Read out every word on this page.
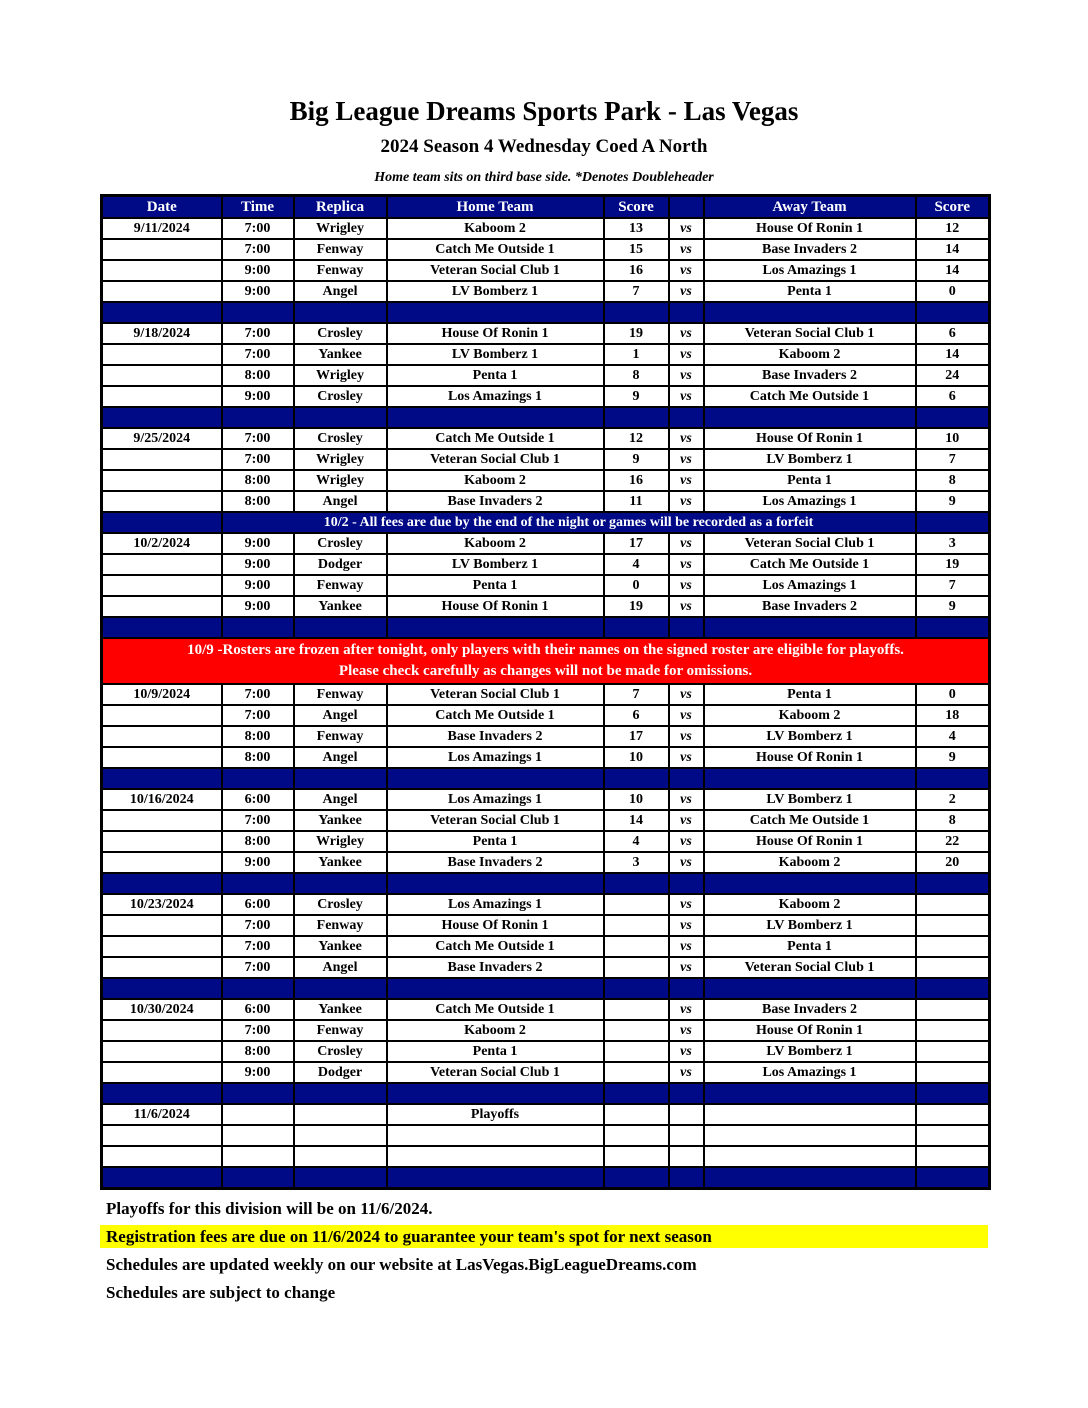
Big League Dreams Sports Park - Las Vegas
2024 Season 4 Wednesday Coed A North
Home team sits on third base side. *Denotes Doubleheader
Date	Time	Replica	Home Team	Score		Away Team	Score
9/11/2024	7:00	Wrigley	Kaboom 2	13	vs	House Of Ronin 1	12
	7:00	Fenway	Catch Me Outside 1	15	vs	Base Invaders 2	14
	9:00	Fenway	Veteran Social Club 1	16	vs	Los Amazings 1	14
	9:00	Angel	LV Bomberz 1	7	vs	Penta 1	0

9/18/2024	7:00	Crosley	House Of Ronin 1	19	vs	Veteran Social Club 1	6
	7:00	Yankee	LV Bomberz 1	1	vs	Kaboom 2	14
	8:00	Wrigley	Penta 1	8	vs	Base Invaders 2	24
	9:00	Crosley	Los Amazings 1	9	vs	Catch Me Outside 1	6

9/25/2024	7:00	Crosley	Catch Me Outside 1	12	vs	House Of Ronin 1	10
	7:00	Wrigley	Veteran Social Club 1	9	vs	LV Bomberz 1	7
	8:00	Wrigley	Kaboom 2	16	vs	Penta 1	8
	8:00	Angel	Base Invaders 2	11	vs	Los Amazings 1	9
	10/2 - All fees are due by the end of the night or games will be recorded as a forfeit						
10/2/2024	9:00	Crosley	Kaboom 2	17	vs	Veteran Social Club 1	3
	9:00	Dodger	LV Bomberz 1	4	vs	Catch Me Outside 1	19
	9:00	Fenway	Penta 1	0	vs	Los Amazings 1	7
	9:00	Yankee	House Of Ronin 1	19	vs	Base Invaders 2	9

10/9 -Rosters are frozen after tonight, only players with their names on the signed roster are eligible for playoffs.
Please check carefully as changes will not be made for omissions.							

10/9/2024	7:00	Fenway	Veteran Social Club 1	7	vs	Penta 1	0
	7:00	Angel	Catch Me Outside 1	6	vs	Kaboom 2	18
	8:00	Fenway	Base Invaders 2	17	vs	LV Bomberz 1	4
	8:00	Angel	Los Amazings 1	10	vs	House Of Ronin 1	9

10/16/2024	6:00	Angel	Los Amazings 1	10	vs	LV Bomberz 1	2
	7:00	Yankee	Veteran Social Club 1	14	vs	Catch Me Outside 1	8
	8:00	Wrigley	Penta 1	4	vs	House Of Ronin 1	22
	9:00	Yankee	Base Invaders 2	3	vs	Kaboom 2	20

10/23/2024	6:00	Crosley	Los Amazings 1		vs	Kaboom 2	
	7:00	Fenway	House Of Ronin 1		vs	LV Bomberz 1	
	7:00	Yankee	Catch Me Outside 1		vs	Penta 1	
	7:00	Angel	Base Invaders 2		vs	Veteran Social Club 1	

10/30/2024	6:00	Yankee	Catch Me Outside 1		vs	Base Invaders 2	
	7:00	Fenway	Kaboom 2		vs	House Of Ronin 1	
	8:00	Crosley	Penta 1		vs	LV Bomberz 1	
	9:00	Dodger	Veteran Social Club 1		vs	Los Amazings 1	

11/6/2024			Playoffs				

Playoffs for this division will be on 11/6/2024.

Registration fees are due on 11/6/2024 to guarantee your team's spot for next season

Schedules are updated weekly on our website at LasVegas.BigLeagueDreams.com

Schedules are subject to change
